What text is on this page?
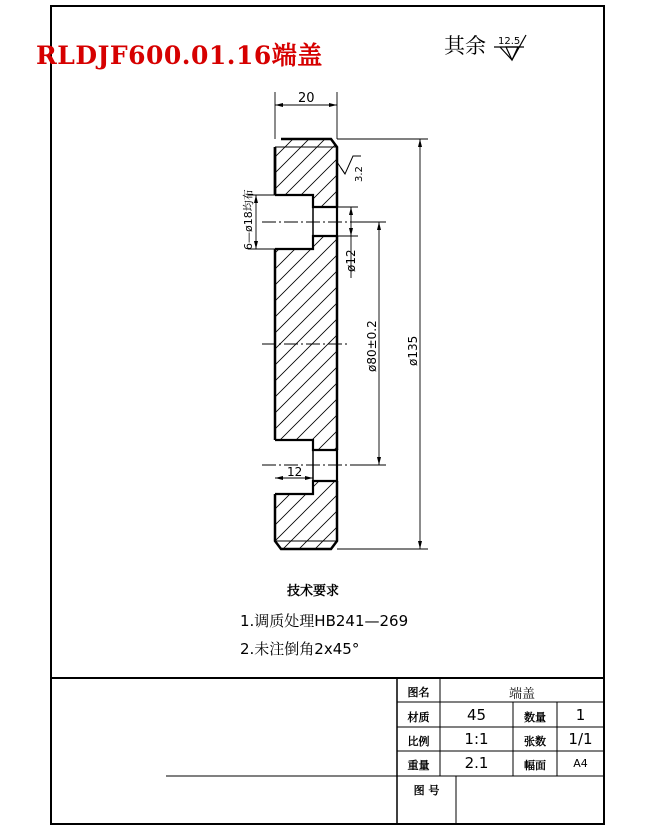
20
ø135
ø80±0.2
ø12
6—ø18均布
12
3.2
12.5
RLDJF600.01.16端盖	其余
技术要求
1.调质处理HB241—269
2.未注倒角2x45°
图名	端盖
材质	45	数量	1
比例	1:1	张数	1/1
重量	2.1	幅面	A4
图 号
